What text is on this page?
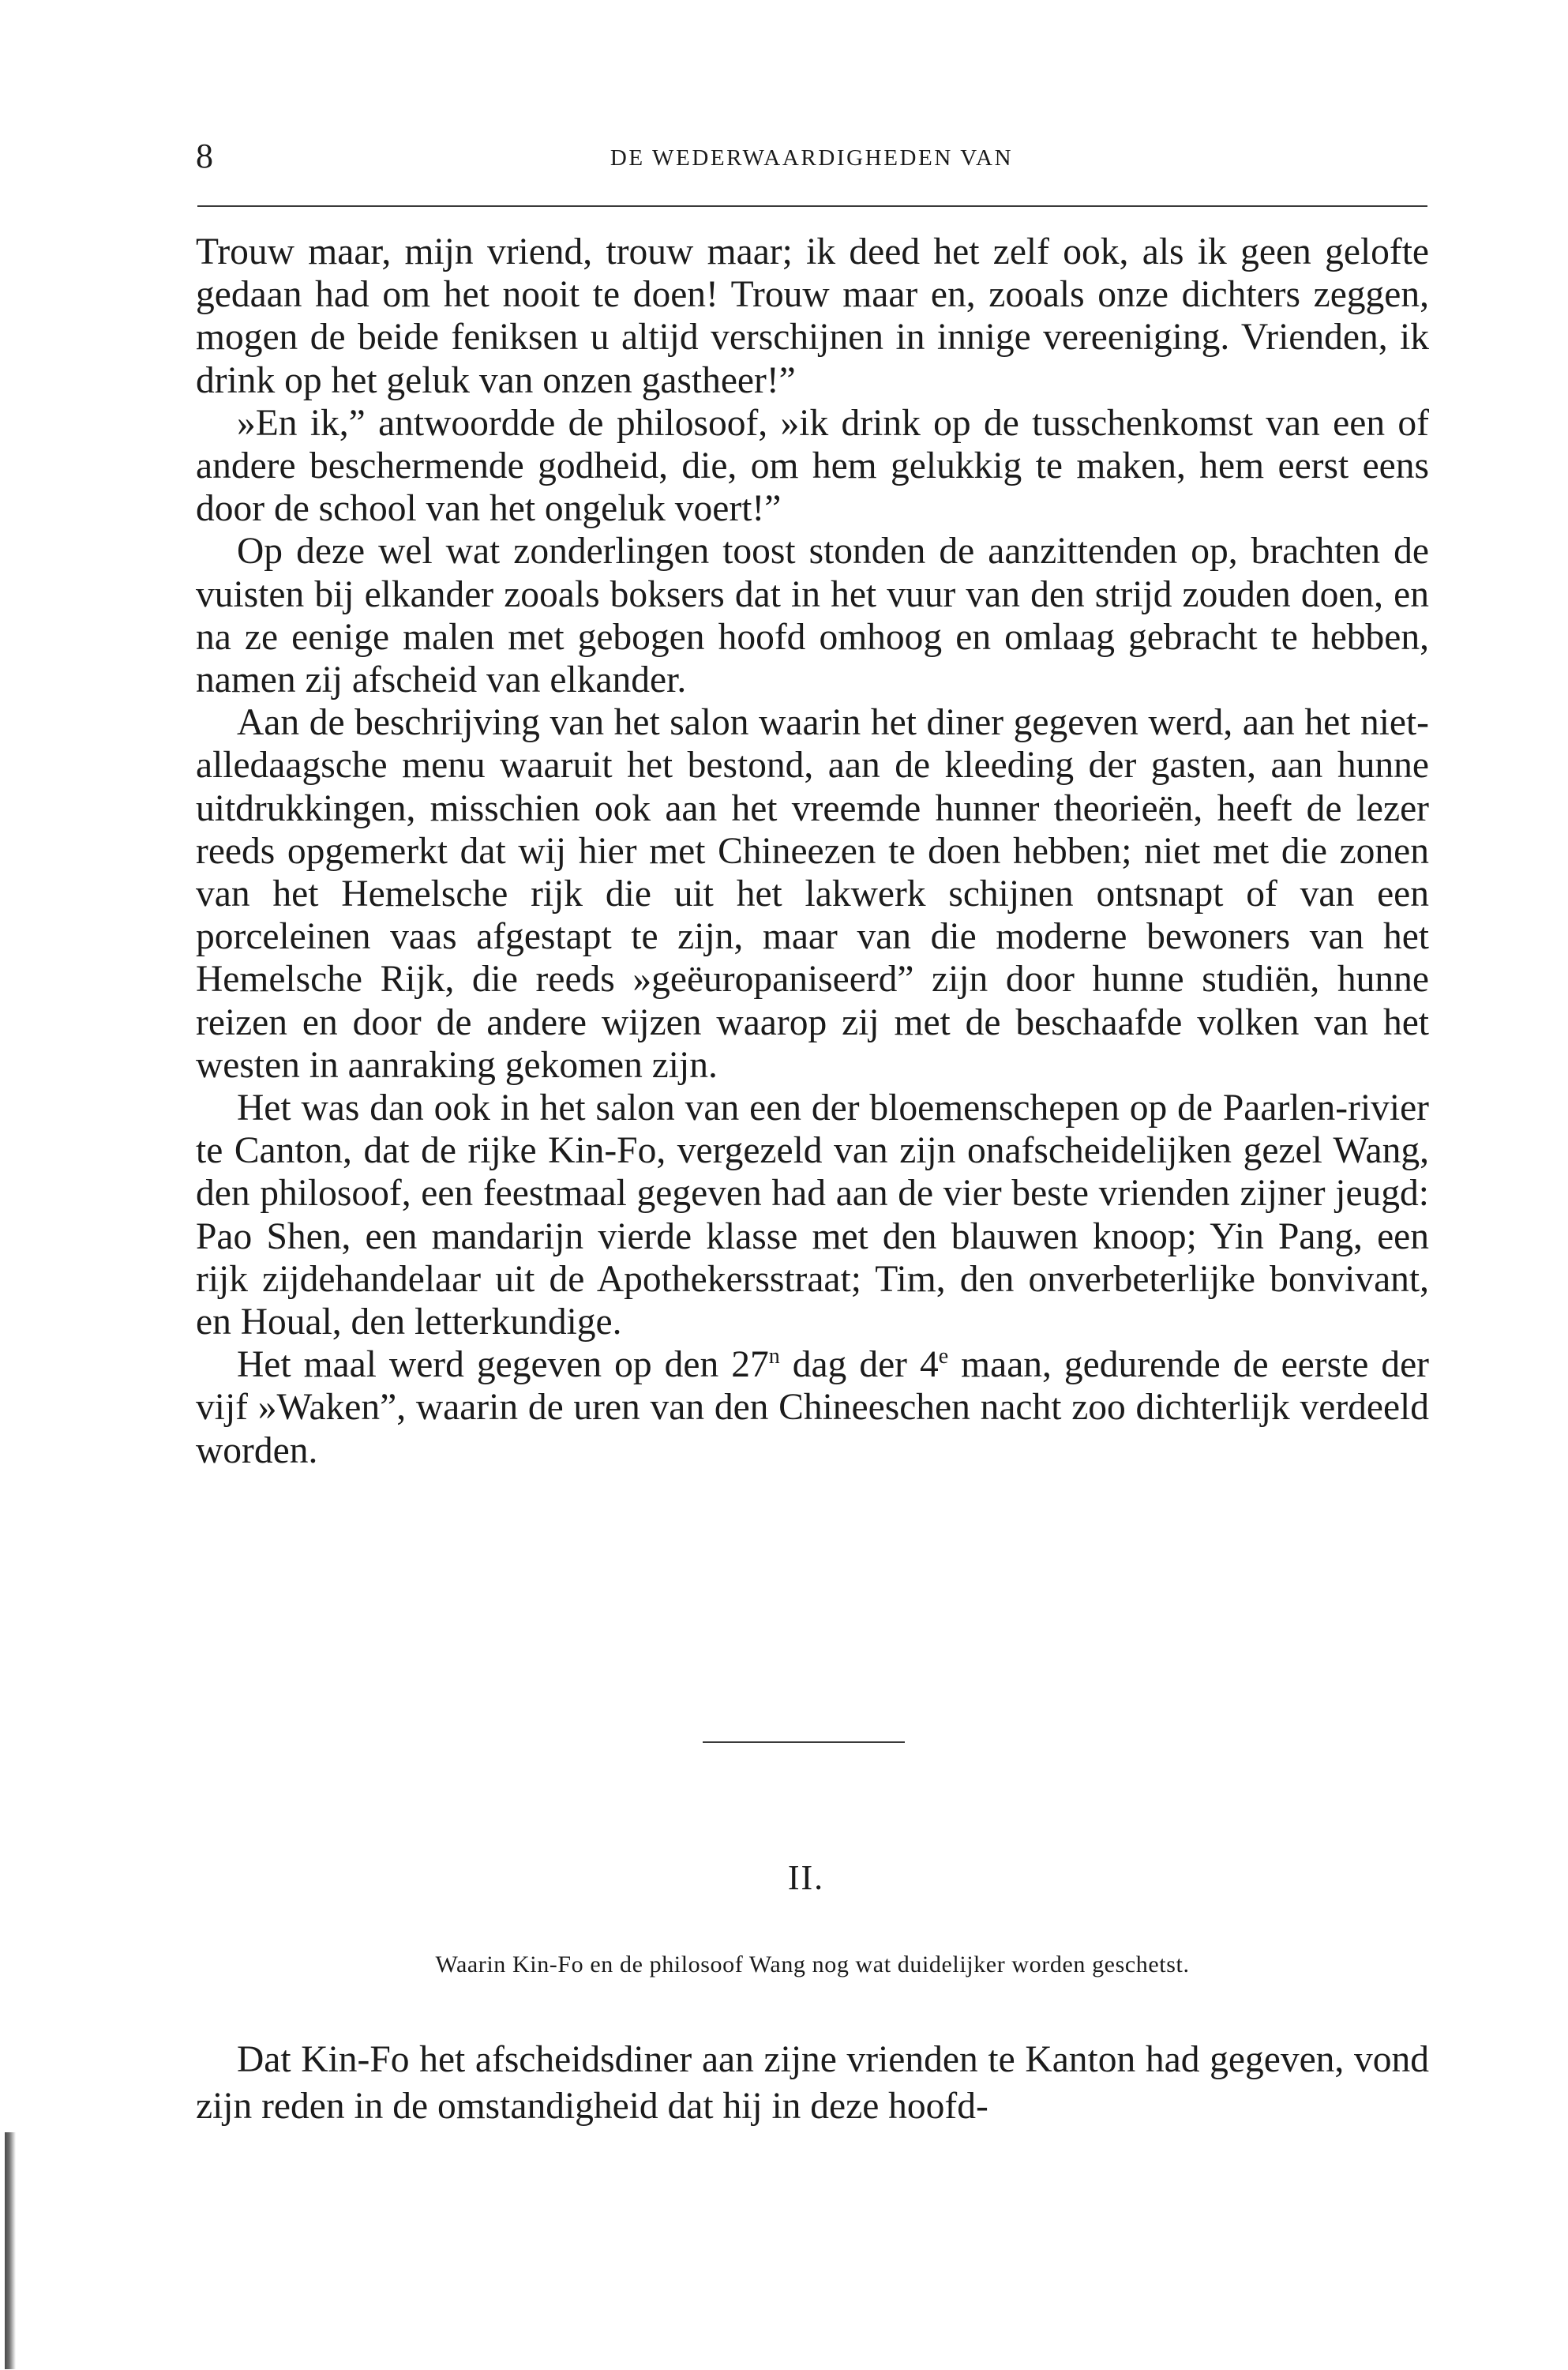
8	DE WEDERWAARDIGHEDEN VAN

Trouw maar, mijn vriend, trouw maar; ik deed het zelf ook, als ik geen gelofte gedaan had om het nooit te doen! Trouw maar en, zooals onze dichters zeggen, mogen de beide feniksen u altijd verschijnen in innige vereeniging. Vrienden, ik drink op het geluk van onzen gastheer!”

»En ik,” antwoordde de philosoof, »ik drink op de tusschenkomst van een of andere beschermende godheid, die, om hem gelukkig te maken, hem eerst eens door de school van het ongeluk voert!”

Op deze wel wat zonderlingen toost stonden de aanzittenden op, brachten de vuisten bij elkander zooals boksers dat in het vuur van den strijd zouden doen, en na ze eenige malen met gebogen hoofd omhoog en omlaag gebracht te hebben, namen zij afscheid van elkander.

Aan de beschrijving van het salon waarin het diner gegeven werd, aan het niet-alledaagsche menu waaruit het bestond, aan de kleeding der gasten, aan hunne uitdrukkingen, misschien ook aan het vreemde hunner theorieën, heeft de lezer reeds opgemerkt dat wij hier met Chineezen te doen hebben; niet met die zonen van het Hemelsche rijk die uit het lakwerk schijnen ontsnapt of van een porceleinen vaas afgestapt te zijn, maar van die moderne bewoners van het Hemelsche Rijk, die reeds »geëuropaniseerd” zijn door hunne studiën, hunne reizen en door de andere wijzen waarop zij met de beschaafde volken van het westen in aanraking gekomen zijn.

Het was dan ook in het salon van een der bloemenschepen op de Paarlen-rivier te Canton, dat de rijke Kin-Fo, vergezeld van zijn onafscheidelijken gezel Wang, den philosoof, een feestmaal gegeven had aan de vier beste vrienden zijner jeugd: Pao Shen, een mandarijn vierde klasse met den blauwen knoop; Yin Pang, een rijk zijdehandelaar uit de Apothekersstraat; Tim, den onverbeterlijke bonvivant, en Houal, den letterkundige.

Het maal werd gegeven op den 27$^n$ dag der 4e maan, gedurende de eerste der vijf »Waken”, waarin de uren van den Chineeschen nacht zoo dichterlijk verdeeld worden.

II.
Waarin Kin-Fo en de philosoof Wang nog wat duidelijker worden geschetst.

Dat Kin-Fo het afscheidsdiner aan zijne vrienden te Kanton had gegeven, vond zijn reden in de omstandigheid dat hij in deze hoofd-
